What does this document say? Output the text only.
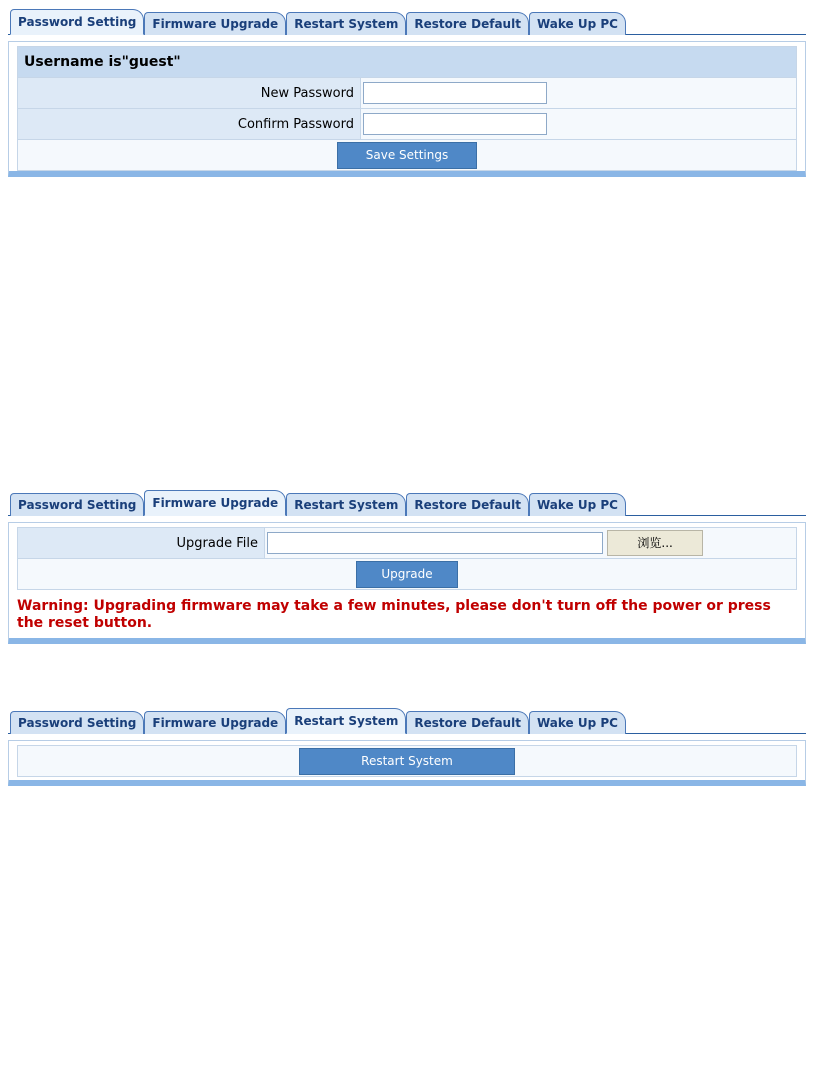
Password Setting	Firmware Upgrade	Restart System	Restore Default	Wake Up PC
Username is"guest"	
New Password	
Confirm Password	
Save Settings	
Password Setting	Firmware Upgrade	Restart System	Restore Default	Wake Up PC
Upgrade File	浏览...
Upgrade
Warning: Upgrading firmware may take a few minutes, please don't turn off the power or press the reset button.
Password Setting	Firmware Upgrade	Restart System	Restore Default	Wake Up PC
Restart System
